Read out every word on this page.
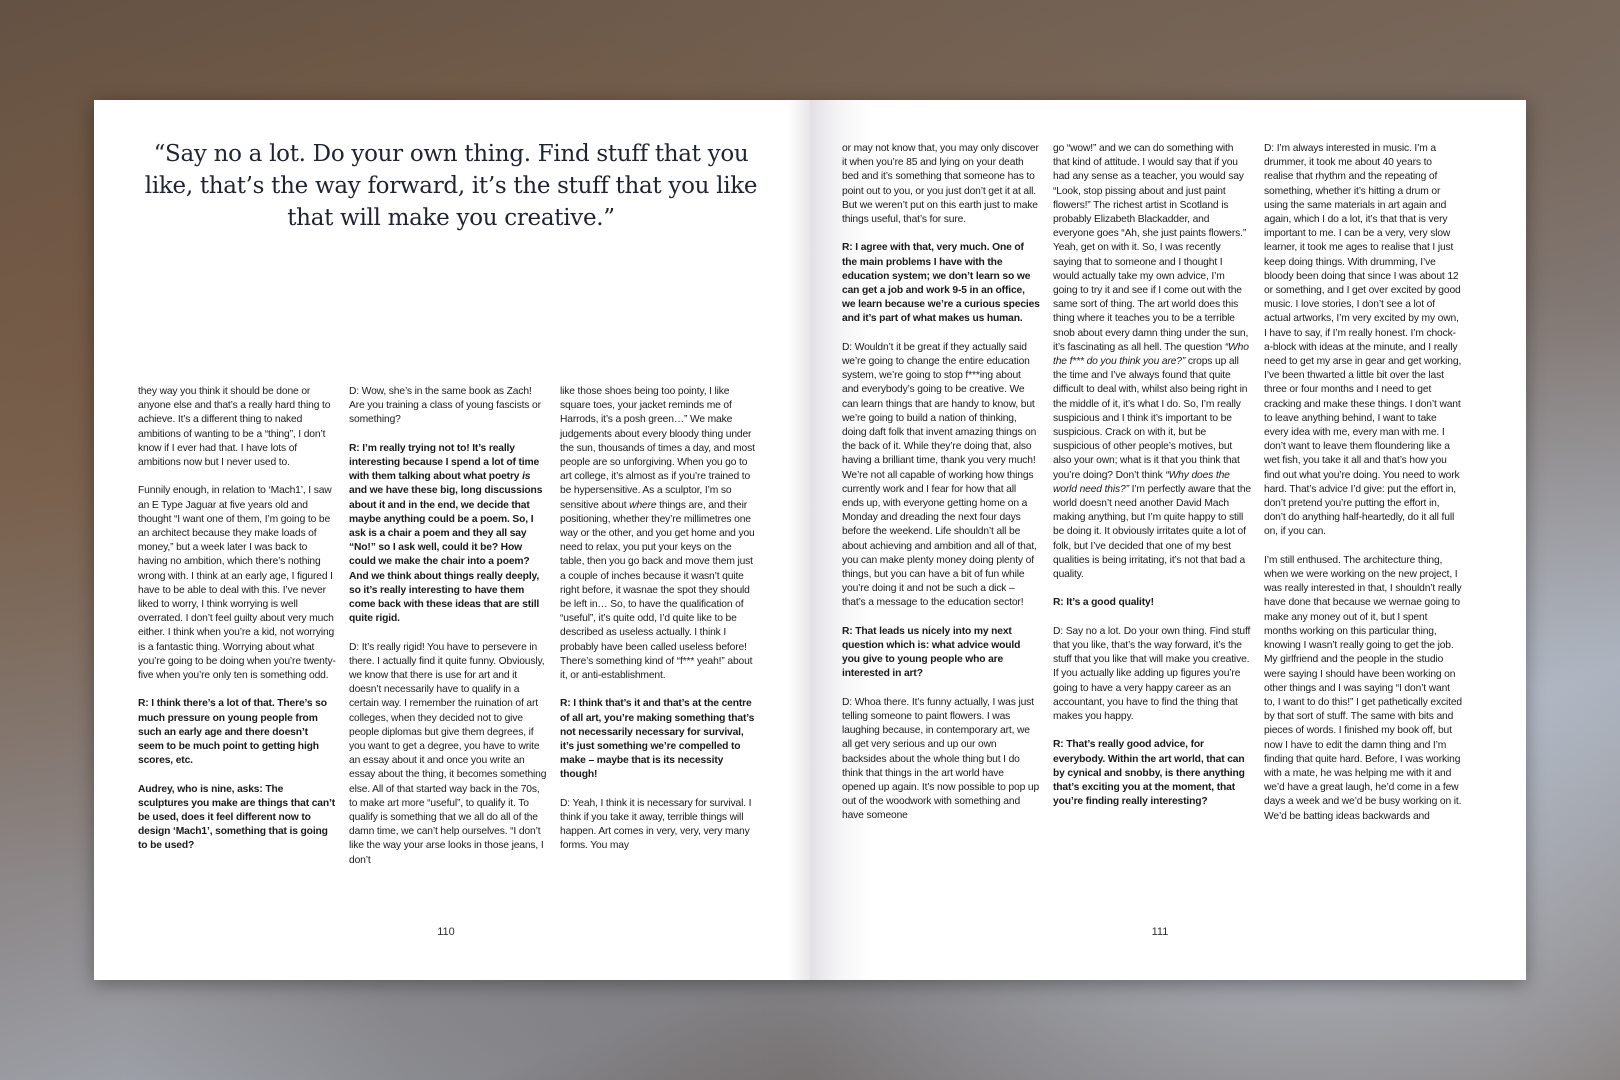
“Say no a lot. Do your own thing. Find stuff that you like, that’s the way forward, it’s the stuff that you like that will make you creative.”

they way you think it should be done or anyone else and that’s a really hard thing to achieve. It’s a different thing to naked ambitions of wanting to be a “thing”, I don’t know if I ever had that. I have lots of ambitions now but I never used to.

Funnily enough, in relation to ‘Mach1’, I saw an E Type Jaguar at five years old and thought “I want one of them, I’m going to be an architect because they make loads of money,” but a week later I was back to having no ambition, which there’s nothing wrong with. I think at an early age, I figured I have to be able to deal with this. I’ve never liked to worry, I think worrying is well overrated. I don’t feel guilty about very much either. I think when you’re a kid, not worrying is a fantastic thing. Worrying about what you’re going to be doing when you’re twenty-five when you’re only ten is something odd.

R: I think there’s a lot of that. There’s so much pressure on young people from such an early age and there doesn’t seem to be much point to getting high scores, etc.

Audrey, who is nine, asks: The sculptures you make are things that can’t be used, does it feel different now to design ‘Mach1’, something that is going to be used?

D: Wow, she’s in the same book as Zach! Are you training a class of young fascists or something?

R: I’m really trying not to! It’s really interesting because I spend a lot of time with them talking about what poetry is and we have these big, long discussions about it and in the end, we decide that maybe anything could be a poem. So, I ask is a chair a poem and they all say “No!” so I ask well, could it be? How could we make the chair into a poem? And we think about things really deeply, so it’s really interesting to have them come back with these ideas that are still quite rigid.

D: It’s really rigid! You have to persevere in there. I actually find it quite funny. Obviously, we know that there is use for art and it doesn’t necessarily have to qualify in a certain way. I remember the ruination of art colleges, when they decided not to give people diplomas but give them degrees, if you want to get a degree, you have to write an essay about it and once you write an essay about the thing, it becomes something else. All of that started way back in the 70s, to make art more “useful”, to qualify it. To qualify is something that we all do all of the damn time, we can’t help ourselves. “I don’t like the way your arse looks in those jeans, I don’t

like those shoes being too pointy, I like square toes, your jacket reminds me of Harrods, it’s a posh green…” We make judgements about every bloody thing under the sun, thousands of times a day, and most people are so unforgiving. When you go to art college, it’s almost as if you’re trained to be hypersensitive. As a sculptor, I’m so sensitive about where things are, and their positioning, whether they’re millimetres one way or the other, and you get home and you need to relax, you put your keys on the table, then you go back and move them just a couple of inches because it wasn’t quite right before, it wasnae the spot they should be left in… So, to have the qualification of “useful”, it’s quite odd, I’d quite like to be described as useless actually. I think I probably have been called useless before! There’s something kind of “f*** yeah!” about it, or anti-establishment.

R: I think that’s it and that’s at the centre of all art, you’re making something that’s not necessarily necessary for survival, it’s just something we’re compelled to make – maybe that is its necessity though!

D: Yeah, I think it is necessary for survival. I think if you take it away, terrible things will happen. Art comes in very, very, very many forms. You may

110

or may not know that, you may only discover it when you’re 85 and lying on your death bed and it’s something that someone has to point out to you, or you just don’t get it at all. But we weren’t put on this earth just to make things useful, that’s for sure.

R: I agree with that, very much. One of the main problems I have with the education system; we don’t learn so we can get a job and work 9-5 in an office, we learn because we’re a curious species and it’s part of what makes us human.

D: Wouldn’t it be great if they actually said we’re going to change the entire education system, we’re going to stop f***ing about and everybody’s going to be creative. We can learn things that are handy to know, but we’re going to build a nation of thinking, doing daft folk that invent amazing things on the back of it. While they’re doing that, also having a brilliant time, thank you very much! We’re not all capable of working how things currently work and I fear for how that all ends up, with everyone getting home on a Monday and dreading the next four days before the weekend. Life shouldn’t all be about achieving and ambition and all of that, you can make plenty money doing plenty of things, but you can have a bit of fun while you’re doing it and not be such a dick – that’s a message to the education sector!

R: That leads us nicely into my next question which is: what advice would you give to young people who are interested in art?

D: Whoa there. It’s funny actually, I was just telling someone to paint flowers. I was laughing because, in contemporary art, we all get very serious and up our own backsides about the whole thing but I do think that things in the art world have opened up again. It’s now possible to pop up out of the woodwork with something and have someone

go “wow!” and we can do something with that kind of attitude. I would say that if you had any sense as a teacher, you would say “Look, stop pissing about and just paint flowers!” The richest artist in Scotland is probably Elizabeth Blackadder, and everyone goes “Ah, she just paints flowers.” Yeah, get on with it. So, I was recently saying that to someone and I thought I would actually take my own advice, I’m going to try it and see if I come out with the same sort of thing. The art world does this thing where it teaches you to be a terrible snob about every damn thing under the sun, it’s fascinating as all hell. The question “Who the f*** do you think you are?” crops up all the time and I’ve always found that quite difficult to deal with, whilst also being right in the middle of it, it’s what I do. So, I’m really suspicious and I think it’s important to be suspicious. Crack on with it, but be suspicious of other people’s motives, but also your own; what is it that you think that you’re doing? Don’t think “Why does the world need this?” I’m perfectly aware that the world doesn’t need another David Mach making anything, but I’m quite happy to still be doing it. It obviously irritates quite a lot of folk, but I’ve decided that one of my best qualities is being irritating, it’s not that bad a quality.

R: It’s a good quality!

D: Say no a lot. Do your own thing. Find stuff that you like, that’s the way forward, it’s the stuff that you like that will make you creative. If you actually like adding up figures you’re going to have a very happy career as an accountant, you have to find the thing that makes you happy.

R: That’s really good advice, for everybody. Within the art world, that can by cynical and snobby, is there anything that’s exciting you at the moment, that you’re finding really interesting?

D: I’m always interested in music. I’m a drummer, it took me about 40 years to realise that rhythm and the repeating of something, whether it’s hitting a drum or using the same materials in art again and again, which I do a lot, it’s that that is very important to me. I can be a very, very slow learner, it took me ages to realise that I just keep doing things. With drumming, I’ve bloody been doing that since I was about 12 or something, and I get over excited by good music. I love stories, I don’t see a lot of actual artworks, I’m very excited by my own, I have to say, if I’m really honest. I’m chock-a-block with ideas at the minute, and I really need to get my arse in gear and get working, I’ve been thwarted a little bit over the last three or four months and I need to get cracking and make these things. I don’t want to leave anything behind, I want to take every idea with me, every man with me. I don’t want to leave them floundering like a wet fish, you take it all and that’s how you find out what you’re doing. You need to work hard. That’s advice I’d give: put the effort in, don’t pretend you’re putting the effort in, don’t do anything half-heartedly, do it all full on, if you can.

I’m still enthused. The architecture thing, when we were working on the new project, I was really interested in that, I shouldn’t really have done that because we wernae going to make any money out of it, but I spent months working on this particular thing, knowing I wasn’t really going to get the job. My girlfriend and the people in the studio were saying I should have been working on other things and I was saying “I don’t want to, I want to do this!” I get pathetically excited by that sort of stuff. The same with bits and pieces of words. I finished my book off, but now I have to edit the damn thing and I’m finding that quite hard. Before, I was working with a mate, he was helping me with it and we’d have a great laugh, he’d come in a few days a week and we’d be busy working on it. We’d be batting ideas backwards and

111
